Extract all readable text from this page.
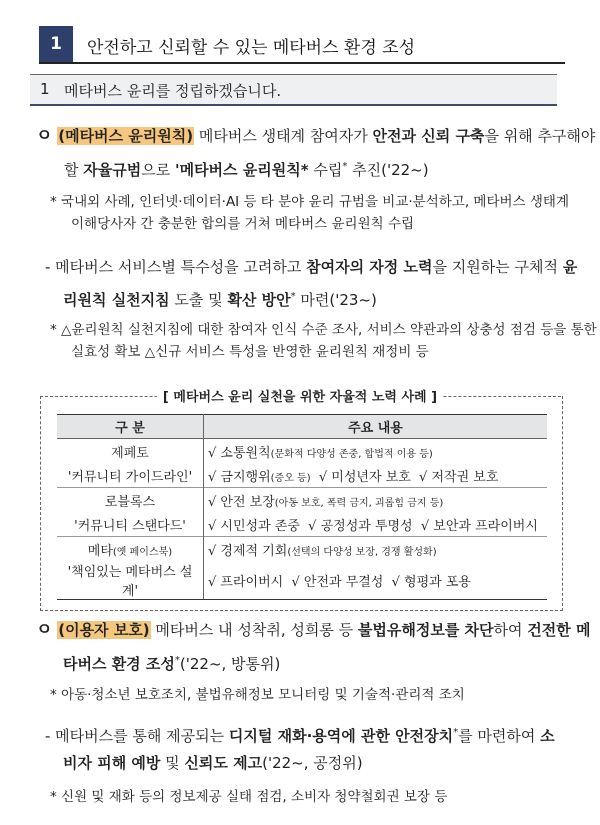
1	안전하고 신뢰할 수 있는 메타버스 환경 조성
1 메타버스 윤리를 정립하겠습니다.
ㅇ (메타버스 윤리원칙) 메타버스 생태계 참여자가 안전과 신뢰 구축을 위해 추구해야
할 자율규범으로 '메타버스 윤리원칙* 수립* 추진('22~)
* 국내외 사례, 인터넷·데이터·AI 등 타 분야 윤리 규범을 비교·분석하고, 메타버스 생태계
이해당사자 간 충분한 합의를 거쳐 메타버스 윤리원칙 수립
- 메타버스 서비스별 특수성을 고려하고 참여자의 자정 노력을 지원하는 구체적 윤
리원칙 실천지침 도출 및 확산 방안* 마련('23~)
* △윤리원칙 실천지침에 대한 참여자 인식 수준 조사, 서비스 약관과의 상충성 점검 등을 통한
실효성 확보 △신규 서비스 특성을 반영한 윤리원칙 재정비 등
[ 메타버스 윤리 실천을 위한 자율적 노력 사례 ]
구 분	주요 내용
제페토	√ 소통원칙(문화적 다양성 존중, 합법적 이용 등)
'커뮤니티 가이드라인'	√ 금지행위(증오 등)  √ 미성년자 보호  √ 저작권 보호
로블록스	√ 안전 보장(아동 보호, 폭력 금지, 괴롭힘 금지 등)
'커뮤니티 스탠다드'	√ 시민성과 존중  √ 공정성과 투명성  √ 보안과 프라이버시
메타(옛 페이스북)	√ 경제적 기회(선택의 다양성 보장, 경쟁 활성화)
'책임있는 메타버스 설계'	√ 프라이버시  √ 안전과 무결성  √ 형평과 포용
ㅇ (이용자 보호) 메타버스 내 성착취, 성희롱 등 불법유해정보를 차단하여 건전한 메
타버스 환경 조성*('22~, 방통위)
* 아동·청소년 보호조치, 불법유해정보 모니터링 및 기술적·관리적 조치
- 메타버스를 통해 제공되는 디지털 재화·용역에 관한 안전장치*를 마련하여 소
비자 피해 예방 및 신뢰도 제고('22~, 공정위)
* 신원 및 재화 등의 정보제공 실태 점검, 소비자 청약철회권 보장 등
